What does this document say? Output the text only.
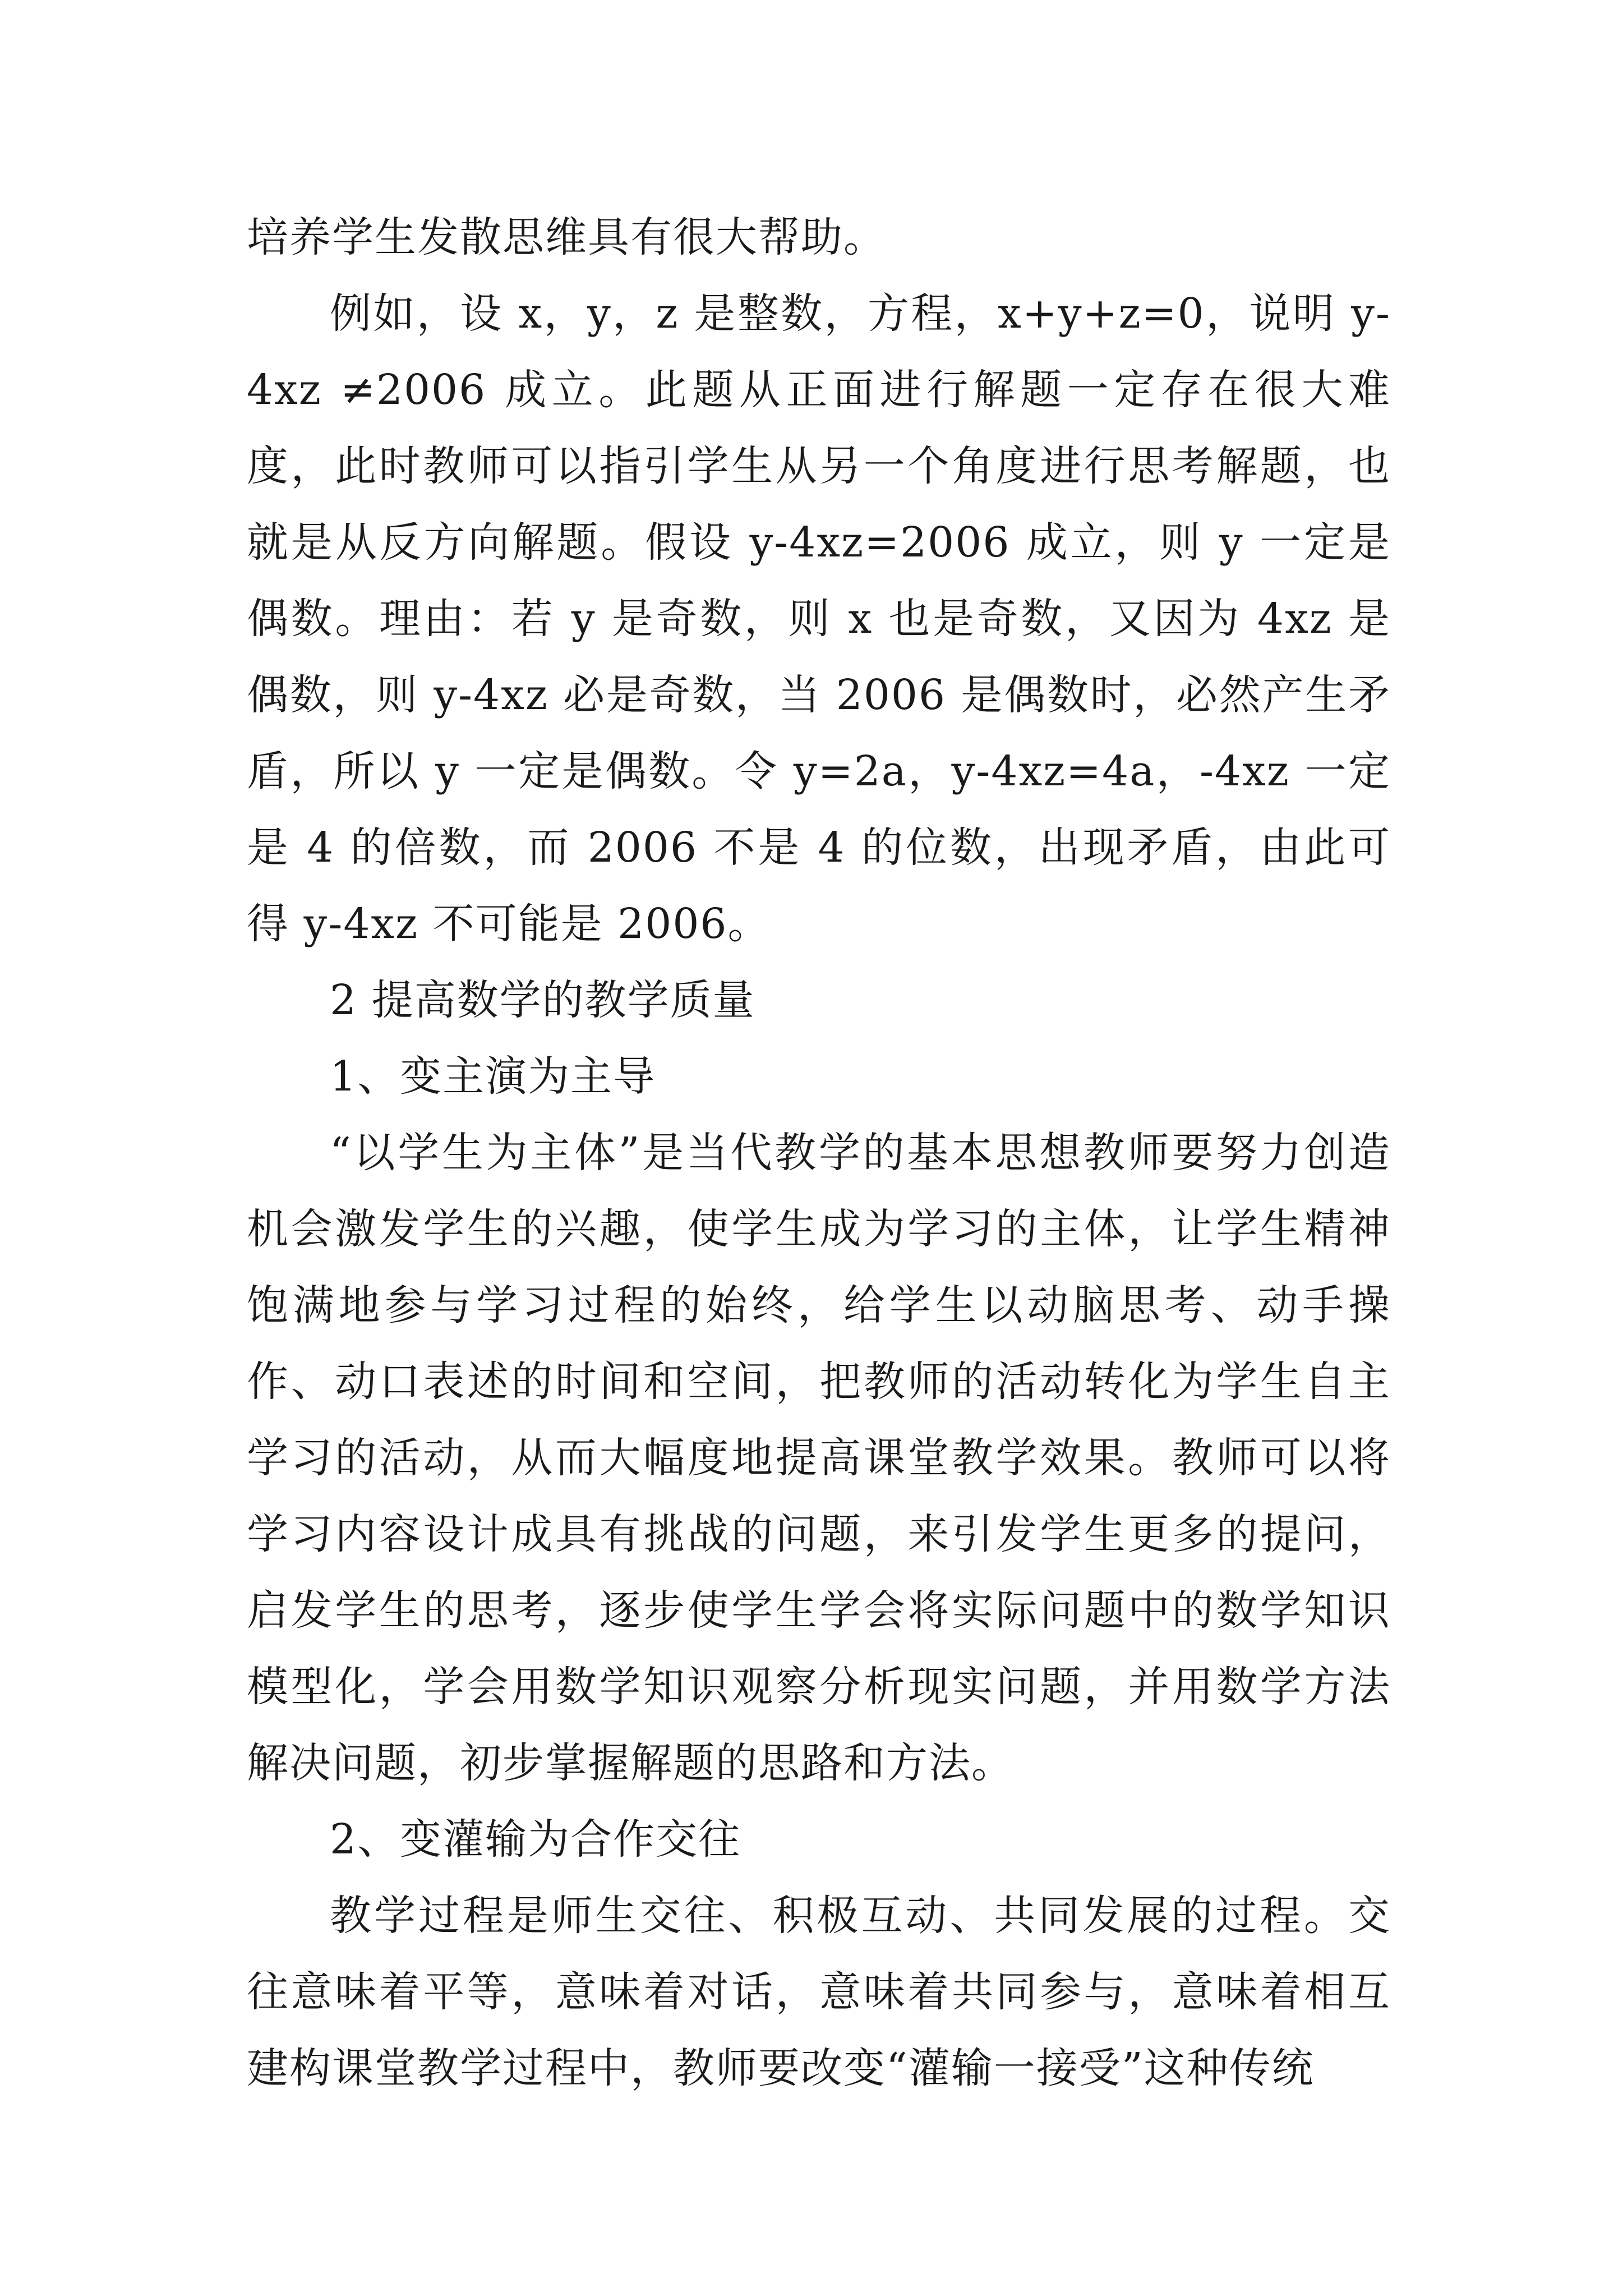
培养学生发散思维具有很大帮助。

例如，设 x，y，z 是整数，方程，x+y+z=0，说明 y-4xz ≠2006 成立。此题从正面进行解题一定存在很大难度，此时教师可以指引学生从另一个角度进行思考解题，也就是从反方向解题。假设 y-4xz=2006 成立，则 y 一定是偶数。理由：若 y 是奇数，则 x 也是奇数，又因为 4xz 是偶数，则 y-4xz 必是奇数，当 2006 是偶数时，必然产生矛盾，所以 y 一定是偶数。令 y=2a，y-4xz=4a，-4xz 一定是 4 的倍数，而 2006 不是 4 的位数，出现矛盾，由此可得 y-4xz 不可能是 2006。

2 提高数学的教学质量

1、变主演为主导

“以学生为主体”是当代教学的基本思想教师要努力创造机会激发学生的兴趣，使学生成为学习的主体，让学生精神饱满地参与学习过程的始终，给学生以动脑思考、动手操作、动口表述的时间和空间，把教师的活动转化为学生自主学习的活动，从而大幅度地提高课堂教学效果。教师可以将学习内容设计成具有挑战的问题，来引发学生更多的提问，启发学生的思考，逐步使学生学会将实际问题中的数学知识模型化，学会用数学知识观察分析现实问题，并用数学方法解决问题，初步掌握解题的思路和方法。

2、变灌输为合作交往

教学过程是师生交往、积极互动、共同发展的过程。交往意味着平等，意味着对话，意味着共同参与，意味着相互建构课堂教学过程中，教师要改变“灌输一接受”这种传统
